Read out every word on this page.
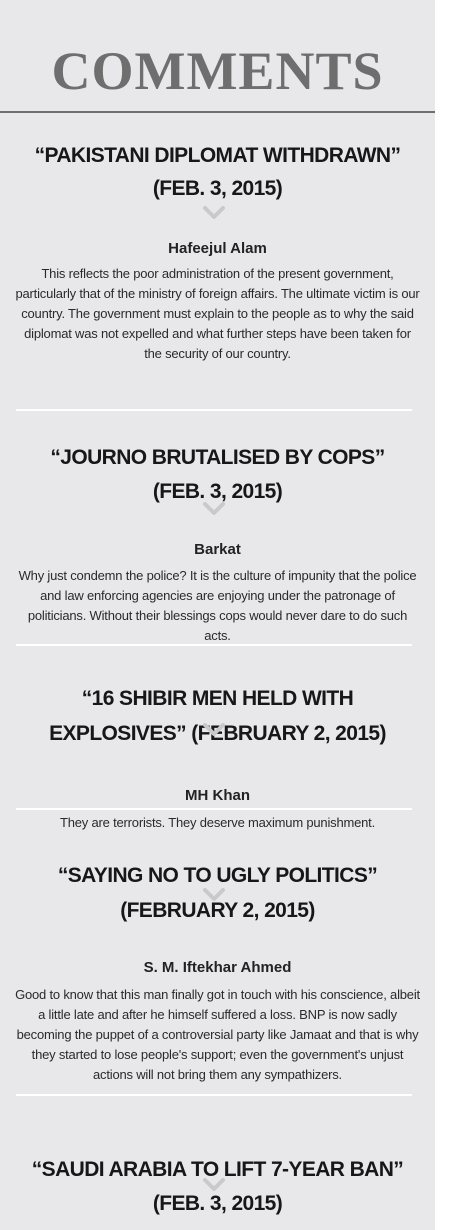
COMMENTS
“PAKISTANI DIPLOMAT WITHDRAWN”
(FEB. 3, 2015)
Hafeejul Alam
This reflects the poor administration of the present government, particularly that of the ministry of foreign affairs. The ultimate victim is our country. The government must explain to the people as to why the said diplomat was not expelled and what further steps have been taken for the security of our country.
“JOURNO BRUTALISED BY COPS”
(FEB. 3, 2015)
Barkat
Why just condemn the police? It is the culture of impunity that the police and law enforcing agencies are enjoying under the patronage of politicians. Without their blessings cops would never dare to do such acts.
“16 SHIBIR MEN HELD WITH
EXPLOSIVES” (FEBRUARY 2, 2015)
MH Khan
They are terrorists. They deserve maximum punishment.
“SAYING NO TO UGLY POLITICS”
(FEBRUARY 2, 2015)
S. M. Iftekhar Ahmed
Good to know that this man finally got in touch with his conscience, albeit a little late and after he himself suffered a loss. BNP is now sadly becoming the puppet of a controversial party like Jamaat and that is why they started to lose people's support; even the government's unjust actions will not bring them any sympathizers.
“SAUDI ARABIA TO LIFT 7-YEAR BAN”
(FEB. 3, 2015)
